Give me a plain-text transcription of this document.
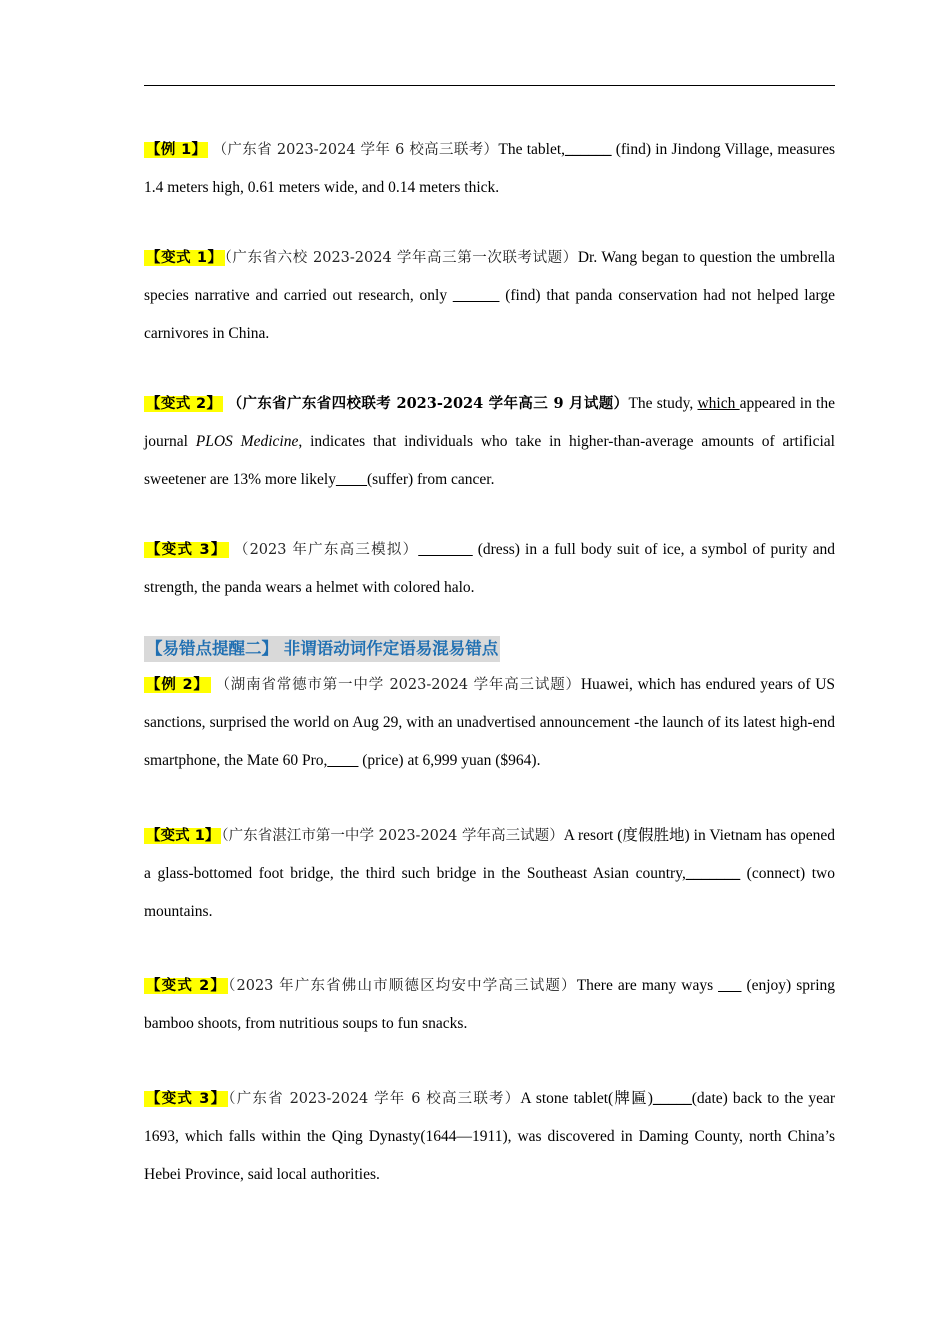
【例 1】 （广东省 2023-2024 学年 6 校高三联考）The tablet,______ (find) in Jindong Village, measures 1.4 meters high, 0.61 meters wide, and 0.14 meters thick.
【变式 1】 （广东省六校 2023-2024 学年高三第一次联考试题）Dr. Wang began to question the umbrella species narrative and carried out research, only ______ (find) that panda conservation had not helped large carnivores in China.
【变式 2】 （广东省广东省四校联考 2023-2024 学年高三 9 月试题）The study, which appeared in the journal PLOS Medicine, indicates that individuals who take in higher-than-average amounts of artificial sweetener are 13% more likely____(suffer) from cancer.
【变式 3】 （2023 年广东高三模拟）_______ (dress) in a full body suit of ice, a symbol of purity and strength, the panda wears a helmet with colored halo.
【易错点提醒二】 非谓语动词作定语易混易错点
【例 2】 （湖南省常德市第一中学 2023-2024 学年高三试题）Huawei, which has endured years of US sanctions, surprised the world on Aug 29, with an unadvertised announcement -the launch of its latest high-end smartphone, the Mate 60 Pro,____ (price) at 6,999 yuan ($964).
【变式 1】 （广东省湛江市第一中学 2023-2024 学年高三试题）A resort (度假胜地) in Vietnam has opened a glass-bottomed foot bridge, the third such bridge in the Southeast Asian country,_______ (connect) two mountains.
【变式 2】 （2023 年广东省佛山市顺德区均安中学高三试题）There are many ways ___ (enjoy) spring bamboo shoots, from nutritious soups to fun snacks.
【变式 3】 （广东省 2023-2024 学年 6 校高三联考）A stone tablet(牌匾)_____(date) back to the year 1693, which falls within the Qing Dynasty(1644—1911), was discovered in Daming County, north China’s Hebei Province, said local authorities.
